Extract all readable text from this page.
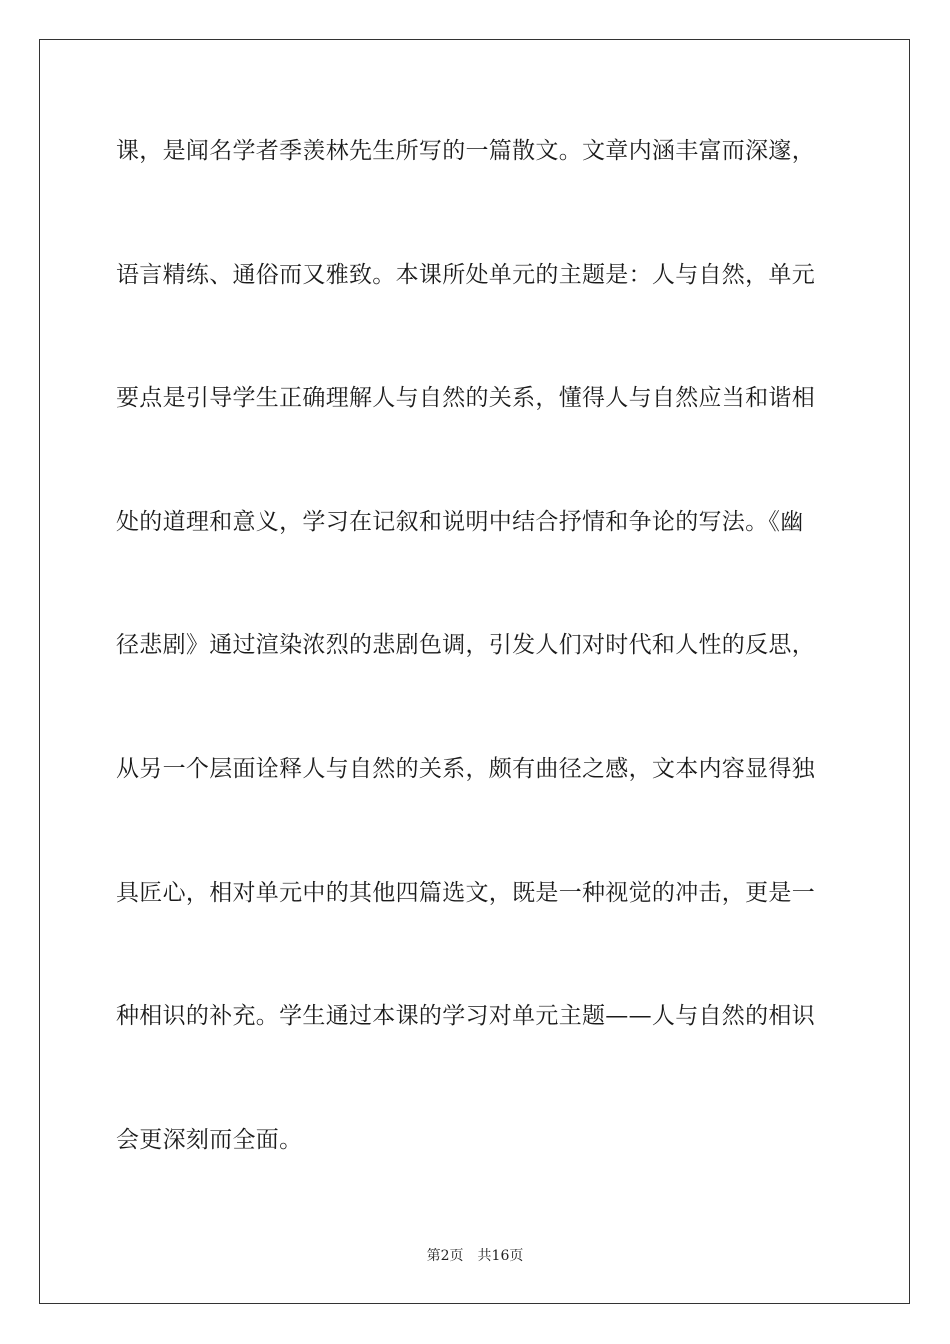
课，是闻名学者季羡林先生所写的一篇散文。文章内涵丰富而深邃，
语言精练、通俗而又雅致。本课所处单元的主题是：人与自然，单元
要点是引导学生正确理解人与自然的关系，懂得人与自然应当和谐相
处的道理和意义，学习在记叙和说明中结合抒情和争论的写法。《幽
径悲剧》通过渲染浓烈的悲剧色调，引发人们对时代和人性的反思，
从另一个层面诠释人与自然的关系，颇有曲径之感，文本内容显得独
具匠心，相对单元中的其他四篇选文，既是一种视觉的冲击，更是一
种相识的补充。学生通过本课的学习对单元主题——人与自然的相识
会更深刻而全面。
第2页 共16页
